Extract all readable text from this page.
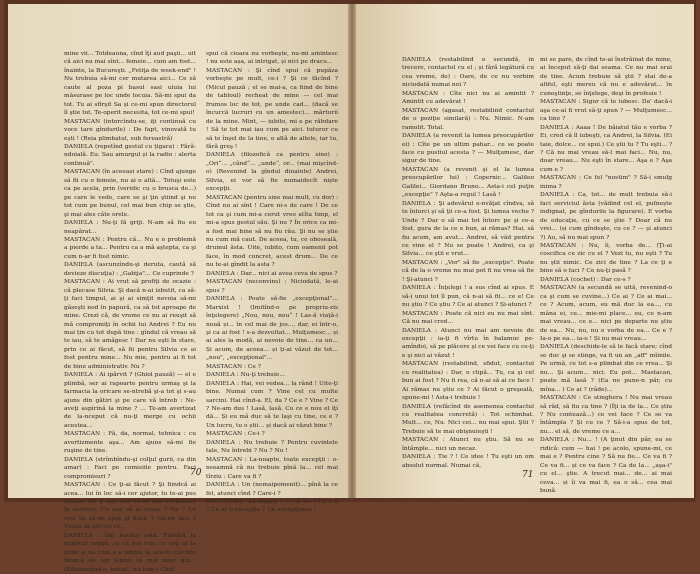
mine vii... Totdeauna, cînd îţi aud paşii... uit că aici nu mai sînt... femeie... cum am fost... înainte, la Bucureşti. „Fetiţa de week-end" ! Nu trebuia să-mi cer mutarea aici... Ce să caute al poza pi basul sasi uluia lui măsurase pe loc unde locuia. Să-mi spui da tot. Tu ai sfîrşit Sa şi ce-mi spun directorul îl ştie tot. Te-operit necesita, tot ce-mi spui!

MASTACAN (intorcîndu-se, iţi continuă cu voce tare gîndurile) : De fapt, vinovată tu eşti ! (Reia plimbatul, sub fereastră)

DANIELA (repetînd gestul cu țigara) : Fără-ndoială. Eu. Sau amurgul și la radio : alerta continuă".

MASTACAN (în aceeași stare) : Cînd ajunge să fii cu o femeie, nu ai o altă... Totuşi este ca pe acela, prin (veridic cu o brusca de...) pe care le vede, care se şi ţin ştiind şi nu tot cum pe bunul, cel mai bun chip se ştie, şi mai ales câte orele.

DANIELA : Nu-ţi fă griji. N-am să fiu eu neapărat...

MASTACAN : Pentru că... Nu e o problemă a pierde a ta... Pentru ca a mă aştepta, ca şi cum n-ar fi fost nimic.

DANIELA (ascunzîndu-şi deruta, caută să devieze discuţia) : „Gabija"... Ce cuprinde ?

MASTACAN : Ai vrut să profiţi de ocazie : că plecase Silvia. Şi dacă n-ai izbutit, ca să-ţi faci timpul, ai şi ai simţit nevoia să-mi găseşti nod în papură, ca să tot aproape de mine. Crezi că, de vreme ce nu ai reuşit să mă compromiţi în ochii lui Andrei ? Eu nu mai țin cu tot după tine : gîndul că vreau să te iau, să te amăgesc ! Dar nu eşti în stare, prin ce ai făcut, să fii pentru Silvia ce ai fost pentru mine... Nu mie, pentru ai fi tot de bine administrativ. Nu ?

DANIELA : Ai ipărvit ? (Ghiol pauză) — el e plimbă, ser ai rapoarte pentru urmaş şi la farmacia la oricare se-ntrebă şi-a tot şi s-au ajuns din gătiri şi pe care vă întreb : Ne-aveţi aspirină la mine ? ... Te-am avertizat de la-nceput că nu-ţi merge cu ochii acestea...

MASTACAN : Fă, da, normal, tehnica : cu avertizmente aşa... Am ajuns să-mi fie ruşine de tine.

DANIELA (strîmbîndu-şi colţul gurii, ca din amar) : Faci pe comisiile pentru. Faci compromisuri ?

MASTACAN : Ce ţi-ai făcut ? Şi fiindcă ai acea... lui în loc să-i cer ajutor, tu te-ai pus Ştefan. Nu a mai vrut să-mi mai vorbească în serviciu. Ce mai să ai vreau ? Nu ? Ce vrei tu să-mi spui şi dacă ? Ce-mi faci ? Vreau să ştii tot ce...

DANIELA : Îmi bocăni asta. Fiindcă la mijlocul nopţii, ca să mă culc cu toţi ai la mine şi nu cum e a umbla la aceste cuvinte fiindcă eu am luptat să mai mişc gât... (Răspunzînd-o, totuşi : nu tom.) Cînd

spui că cioara nu vorbeşte, nu-mi amintesc ! nu este așa, ai intrigat, și nici pe dracu...

MASTACAN : Şi cînd spui că pupăza vorbeşte pe mult, ce-i ? Şi ce făcînd ? (Micul pauză ; el se mai-a, ca fiind de bine de tabloul) recheat de mine — cel mai frumos loc de tot, pe unde cad... (dacă se încurcă lucruri cu un amestec)... mărturii de la mine. Mint, — iubito, mi e pe răbdare ! Să te tot mai iau cum pe aici. tuturor cu să te înşel de la tine, o altă de altele, iar tu, fără greş !

DANIELA (filozofică ca pentru sine) : „Ori“... „când“... „unde“, or... (mai mişcînd-o) (Revenind la gîndul dinainte) Andrei, Silvia, ei vor să fie numaidecît niște excepţii.

MASTACAN (pentru sine mai mult, cu dor) : Cînd nu ai sînt ! Care ni-s de care ! De ce tot ca şi cum mi-a cerut vreo atîta timp, el mi-a spus gestul său. Şi nu ? În orice ca mi-a fost mai bine să nu fiu rău. Şi nu se ştie nu cum mă caut. De aceea, tu, ce oboseală, drumul ăsta. Uite, iubito, cum oamenii pot face, în mod concret, acest drum... De ce nu te-ai gîndit la asta ?

DANIELA : Dar... nici ai avea ceva de spus ?

MASTACAN (neconvins) : Niciodată, le-ai spus ?

DANIELA : Poate să-fie „excepţional"... Marxist ! (Imitînd-o pe propriu-zis înţelegere) „Nou, nou, nou“ ! Las-ă viață-i nouă și... în cel mai de jos..., dar, ei într-o, şi ca ai fost ! s-a dezvoltat... Mulţumesc... și ai ales la modă, ai nevoie de tine... ca un... Și acum, de aceea... și ți-ai văzut de tot... „nou", „excepţional"...

MASTACAN : Ce ?

DANIELA : Nu-ţi trebuie...

DANIELA : Hai, vei vedea... la rând ! Uite-ţi bine. Numai cum ? Vine cel cu multe sarcini. Hai cînd-a. El, da ? Ce e ? Vine ? Ce ? Ne-am dus ! Lasă, lasă. Cu ce e nou el îţi dă... Și eu mă duc să te laşi cu tine, ce e ? Un lucru, tu o știi... şi dacă ai văzut bine ?

MASTACAN : Ce-i ?

DANIELA : Nu trebuie ? Pentru cuvintele tale, Nu întrebi ? Nu ? Nu !

MASTACAN : La-noapte, toate excepţii : o-nseamnă că nu trebuie pînă la... cel mai tîrziu : Care va fi ?

DANIELA : Un (nemaipomenit)... pînă la ce fel, atunci cînd ? Care-i ?

MASTACAN : La-noapte ! Ce ai zis ? Ce o fi ? Că ar fi excepţia ? Un excepţional !

70

DANIELA (restabilind o secundă, in trecere, contactul cu el ; și fără legătură cu cea vreme, de) : Oare, de ce nu vorbim niciodată numai noi ?

MASTACAN : Cîte nici nu ai amintit ? Amintit cu adevărat !

MASTACAN (agasat, restabilind contactul de o poziţie similară) : Nu. Nimic. N-am ramolit. Total.

DANIELA (a revenit la lumea preocupărilor ei) : Cîte pe un ultim pahar... ce se poate face cu pustiul acesta ? — Mulţumesc, dar sigur de tine.

MASTACAN (a revenit şi el la lumea preocupărilor lui) : Copernic... Galileo Galilei... Giordano Bruno... Asta-i cel puţin „excepţie" ? Aşta-a regul ! Lasă !

DANIELA : Şi adevărul e-nvăţat cîndva, să te întorci şi să ţii ce-a fost. Şi lumea veche ? Unde ? Dar o să mai tot întorc pe şi ce-a fost, gura de la ce e bun, ai rămas? Hai, să fiu acum, am avut... Andrei, să văd pentru ce vine el ? Nu se poate ! Andrei, ca şi Silvia... ce ştii e vrut...

MASTACAN : „Vor" să fie „excepţie". Poate că de la o vreme nu mai pot fi nu vrea să fie ! Şi-atunci ?

DANIELA : Înţelegi ! a sus cînd ai spus. E să-i unui tot îl pun, că n-ai să fii... ce e! Ce nu ştiu ? Ce ştiu ? Ce ai atunci ? Și-atunci ?

MASTACAN : Poate că nici eu nu mai sînt. Că nu mai cred...

DANIELA : Atunci nu mai am nevoie de excepţii : ia-ţi fi vîrtu în balamuc pe-amîndoi, să pe plăcere şi ce vei face cu ce-ţi e şi nici ai văzut !

MASTACAN (restabilind, sfidut, contactul cu realitatea) : Dar, o clipă... Tu, ca şi cel bun ai fost ? Nu fi rea, că n-ai să ai ce face ! Ai rămas nu ştiu ce ? Ai făcut o greşeală, spune-mi ! Asta-i trebuie !

DANIELA (refăcînd de asemenea contactul cu realitatea concretă) : Tot schimbat. Mult... ce, Nu. Nici cei... nu mai spui. Ştii ? Trebuie să te mai obişnuieşti !

MASTACAN : Atunci nu ştiu. Să nu se întâmple... nici un necaz.

DANIELA : Tie ? ! Ce idee ! Tu eşti un om absolut normal. Numai că,

mi se pare, de cînd te-ai înstrăinat de mine, ai început să-ţi dai seama. Ce nu mai erai de tine. Acum trebuie să ştii ? stai de-a altfel, eşti mereu că nu e adevărat... în cunoştinţe, se înţelege, deşi în profesie !

MASTACAN : Sigur că te iubesc. Da' dacă-i aşa ce-ai fi vrut să-ţi spun ? — Mulţumesc... ca tine ?

DANIELA : Aaaa ! De băiatul tău e vorba ? Ei, cred că îl iubeşti, ca Andrei, la Silvia. (Ei taie, dolce... ce spui.) Ce ştii tu ? Tu eşti... ? ? Că nu mai vreau să-l mai faci... Nu, nu, doar vreau... Nu eşti în stare... Aşa e ? Aşa cum e ?

MASTACAN : Ce fel "nostim" ? Să-i smulg inima ?

DANIELA : Ca, tot... de mult trebuia să-i faci serviciul ăsta (vădind cel el, pufnește indignat, pe gîndurile la figurare). E vorba de educaţie, cu ce se ştie ? Doar că nu vrei... (și cum gîndeşte, cu ce ? — și atunci ?) Au, să nu mai spun ?

MASTACAN : Nu, îi, vorba de... (Ţi-ai coscifica ce zic cu el ? Vezi tu, nu eşti ? Tu nu ştii nimic. Ce zici de tine ? La ce ţi e bine să o faci ? Ce nu-ţi pasă ?

DANIELA (cochet) : Dar ce-s ?

MASTACAN (a secundă se uită, revenind-o ca şi cum se cuvine...) Ce ai ? Ce ai mai... ce ? Acum, acum, eu mă duc la ea..., cu mâna ei, ce... mie-mi place... eu, ce n-am mai vreau... ce e... nici pe departe nu ştiu de ea... Nu, nu, nu e vorba de ea... Ce e ? Ia-o pe ea... ia-o ! Și nu mai vreau...

DANIELA (deschide-le să le facă stare; cînd se duc şi se stinge, va fi un an „aff" mîinile. Pe urmă, ce tot s-a plimbat din ce vrea... Și nu... Şi acum... nici. Eu pot... Mastacan, poate mă lasă ? (Ea ne pune-n păr, cu mîna... ) Ce ai ? (râde)...

MASTACAN : Ce stinghera ! Nu mai vreau să râd, să fiu ca tine ? (Îţi ia de la... Ce știu ? Nu contează...) ce vei face ? Ce se va întâmpla ? Și cu ce ? Să-i-a spus de tot, nu... el să, de vreme ce a...

DANIELA : Nu... ! (A ţinut din păr, ea se ridică: cum — hai ! pe acolo, spune-mi, ce mai e ? Pentru cine ? Să nu fie... Ce va fi ? Ce va fi... și ce va face ? Ca de la... „aşa-i" cu el... ştie. A trecut mai... de... ai mai ceva... și îi va mai fi, ea o să... cea mai bună.

71
